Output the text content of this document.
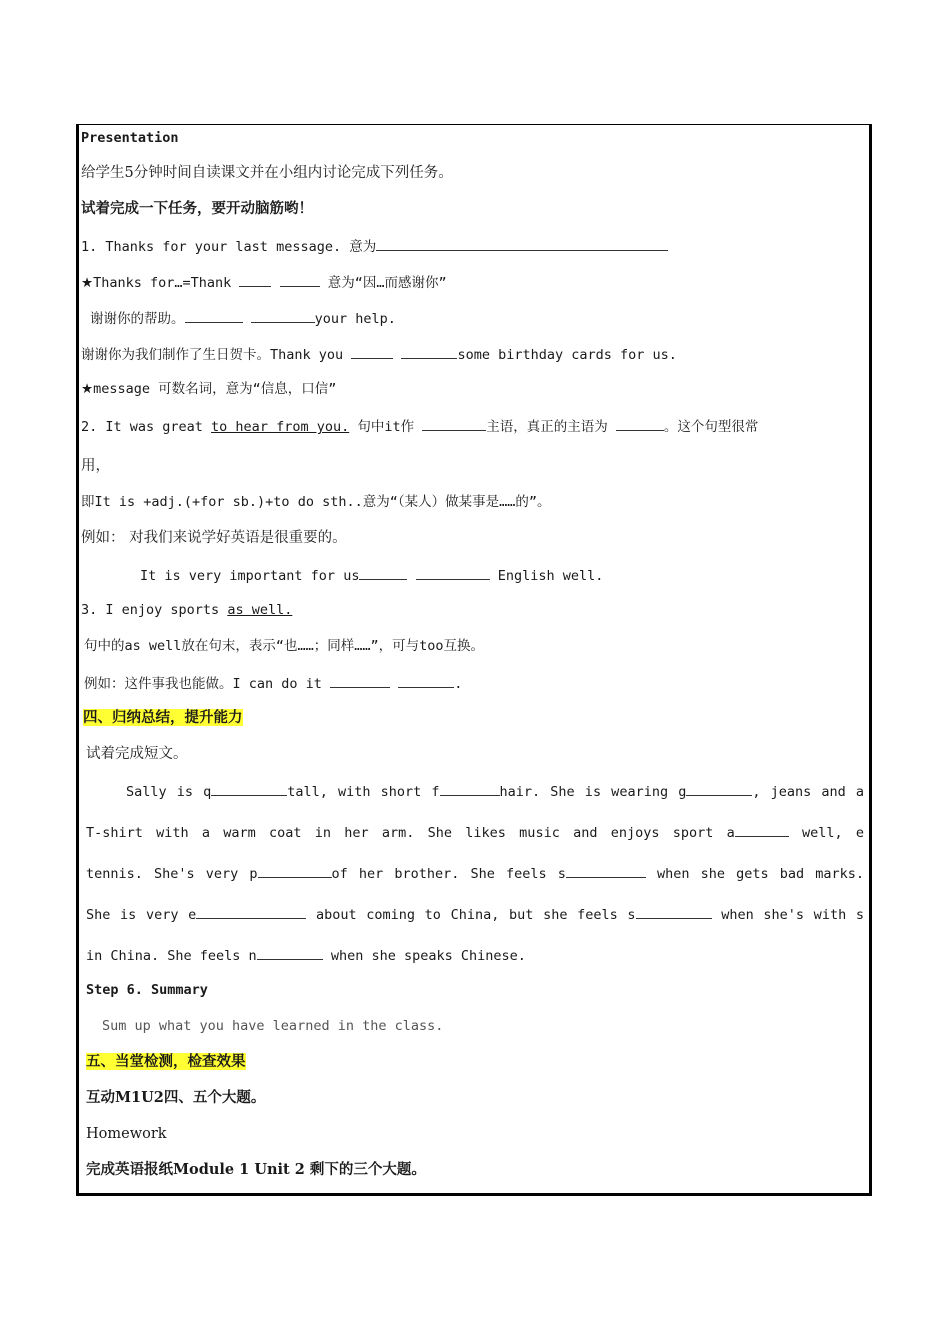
Presentation
给学生5分钟时间自读课文并在小组内讨论完成下列任务。
试着完成一下任务，要开动脑筋哟！
1. Thanks for your last message. 意为
★Thanks for…=Thank	意为“因…而感谢你”
谢谢你的帮助。	your help.
谢谢你为我们制作了生日贺卡。Thank you	some birthday cards for us.
★message 可数名词，意为“信息，口信”
2. It was great to hear from you. 句中it作	主语，真正的主语为	。这个句型很常
用，
即It is +adj.(+for sb.)+to do sth..意为“（某人）做某事是……的”。
例如： 对我们来说学好英语是很重要的。
It is very important for us	English well.
3. I enjoy sports as well.
句中的as well放在句末，表示“也……；同样……”，可与too互换。
例如：这件事我也能做。I can do it	.
四、归纳总结，提升能力
试着完成短文。
Sally is q	tall, with short f	hair. She is wearing g	, jeans and a
T-shirt with a warm coat in her arm. She likes music and enjoys sport a	well, e
tennis. She's very p	of her brother. She feels s	when she gets bad marks.
She is very e	about coming to China, but she feels s	when she's with s
in China. She feels n	when she speaks Chinese.
Step 6. Summary
Sum up what you have learned in the class.
五、当堂检测，检查效果
互动M1U2四、五个大题。
Homework
完成英语报纸Module 1 Unit 2 剩下的三个大题。
